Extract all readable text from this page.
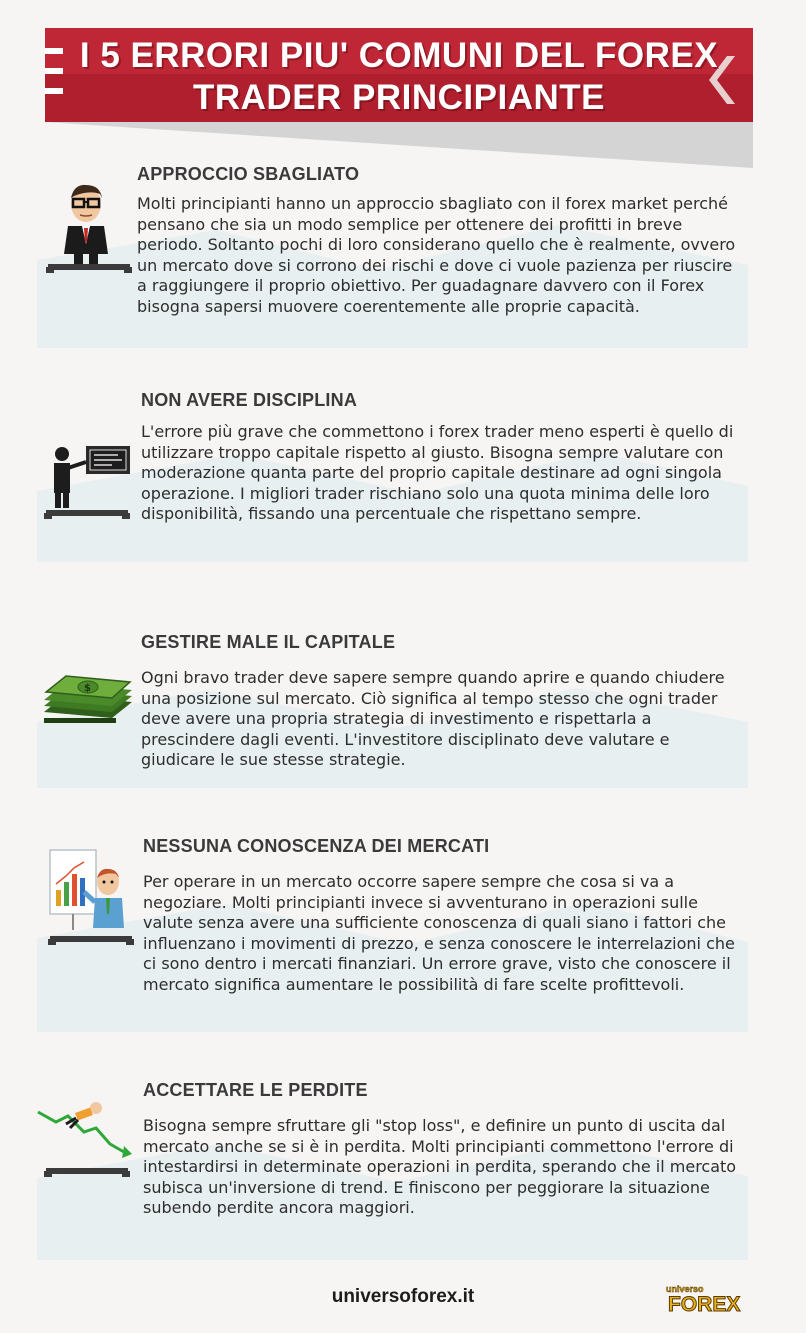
I 5 ERRORI PIU' COMUNI DEL FOREX
TRADER PRINCIPIANTE
APPROCCIO SBAGLIATO

Molti principianti hanno un approccio sbagliato con il forex market perché pensano che sia un modo semplice per ottenere dei profitti in breve periodo. Soltanto pochi di loro considerano quello che è realmente, ovvero un mercato dove si corrono dei rischi e dove ci vuole pazienza per riuscire a raggiungere il proprio obiettivo. Per guadagnare davvero con il Forex bisogna sapersi muovere coerentemente alle proprie capacità.

NON AVERE DISCIPLINA

L'errore più grave che commettono i forex trader meno esperti è quello di utilizzare troppo capitale rispetto al giusto. Bisogna sempre valutare con moderazione quanta parte del proprio capitale destinare ad ogni singola operazione. I migliori trader rischiano solo una quota minima delle loro disponibilità, fissando una percentuale che rispettano sempre.

$
GESTIRE MALE IL CAPITALE

Ogni bravo trader deve sapere sempre quando aprire e quando chiudere una posizione sul mercato. Ciò significa al tempo stesso che ogni trader deve avere una propria strategia di investimento e rispettarla a prescindere dagli eventi. L'investitore disciplinato deve valutare e giudicare le sue stesse strategie.

NESSUNA CONOSCENZA DEI MERCATI

Per operare in un mercato occorre sapere sempre che cosa si va a negoziare. Molti principianti invece si avventurano in operazioni sulle valute senza avere una sufficiente conoscenza di quali siano i fattori che influenzano i movimenti di prezzo, e senza conoscere le interrelazioni che ci sono dentro i mercati finanziari. Un errore grave, visto che conoscere il mercato significa aumentare le possibilità di fare scelte profittevoli.

ACCETTARE LE PERDITE

Bisogna sempre sfruttare gli "stop loss", e definire un punto di uscita dal mercato anche se si è in perdita. Molti principianti commettono l'errore di intestardirsi in determinate operazioni in perdita, sperando che il mercato subisca un'inversione di trend. E finiscono per peggiorare la situazione subendo perdite ancora maggiori.

universoforex.it	universo
FOREX
